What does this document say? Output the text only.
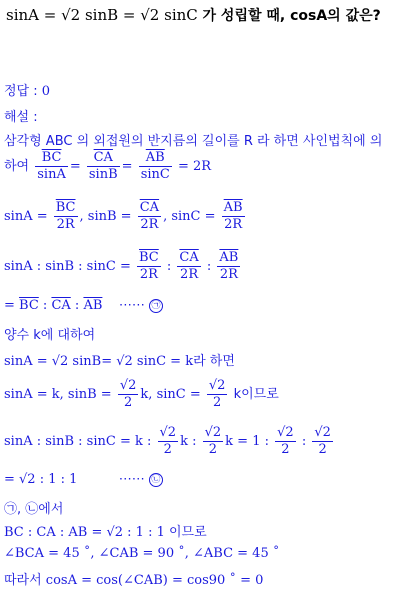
sinA = √2 sinB = √2 sinC 가 성립할 때, cosA의 값은?
정답 : 0
해설 :
삼각형 ABC 의 외접원의 반지름의 길이를 R 라 하면 사인법칙에 의
하여 $\frac{\overline{BC}}{\sin A} = \frac{\overline{CA}}{\sin B} = \frac{\overline{AB}}{\sin C} = 2R$
$\sin A = \frac{\overline{BC}}{2R}$ , $\sin B = \frac{\overline{CA}}{2R}$ , $\sin C = \frac{\overline{AB}}{2R}$
sinA : sinB : $\sin C = \frac{\overline{BC}}{2R}$ : $\frac{\overline{CA}}{2R}$ : $\frac{\overline{AB}}{2R}$
= $\overline{BC}$ : $\overline{CA}$ : $\overline{AB}$ ⋯⋯ ㉠
양수 k에 대하여
sinA = √2 sinB= √2 sinC = k라 하면
sinA = k, $\sin B = \frac{√2}{2} k$, $\sin C = \frac{√2}{2}$ k이므로
sinA : sinB : sinC = k : $\frac{√2}{2}$ k : $\frac{√2}{2}$ k = 1 : $\frac{√2}{2}$ : $\frac{√2}{2}$
= √2 : 1 : 1	⋯⋯ ㉡
㉠, ㉡에서
BC : CA : AB = √2 : 1 : 1 이므로
∠BCA = 45 ˚, ∠CAB = 90 ˚, ∠ABC = 45 ˚
따라서 cosA = cos(∠CAB) = cos90 ˚ = 0
